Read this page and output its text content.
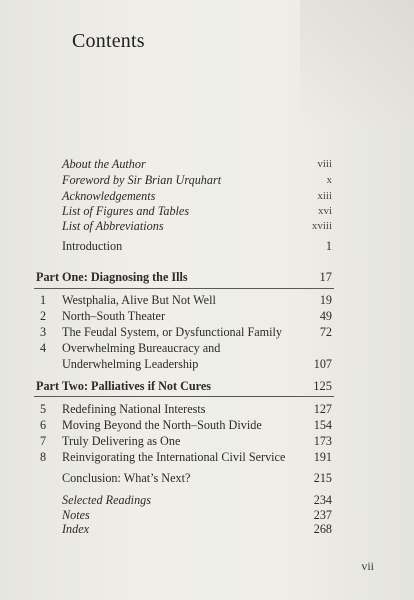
Contents
About the Author	viii
Foreword by Sir Brian Urquhart	x
Acknowledgements	xiii
List of Figures and Tables	xvi
List of Abbreviations	xviii
Introduction	1
Part One: Diagnosing the Ills	17
1	Westphalia, Alive But Not Well	19
2	North–South Theater	49
3	The Feudal System, or Dysfunctional Family	72
4	Overwhelming Bureaucracy and
Underwhelming Leadership	107
Part Two: Palliatives if Not Cures	125
5	Redefining National Interests	127
6	Moving Beyond the North–South Divide	154
7	Truly Delivering as One	173
8	Reinvigorating the International Civil Service 191
Conclusion: What’s Next?	215
Selected Readings	234
Notes	237
Index	268
vii
